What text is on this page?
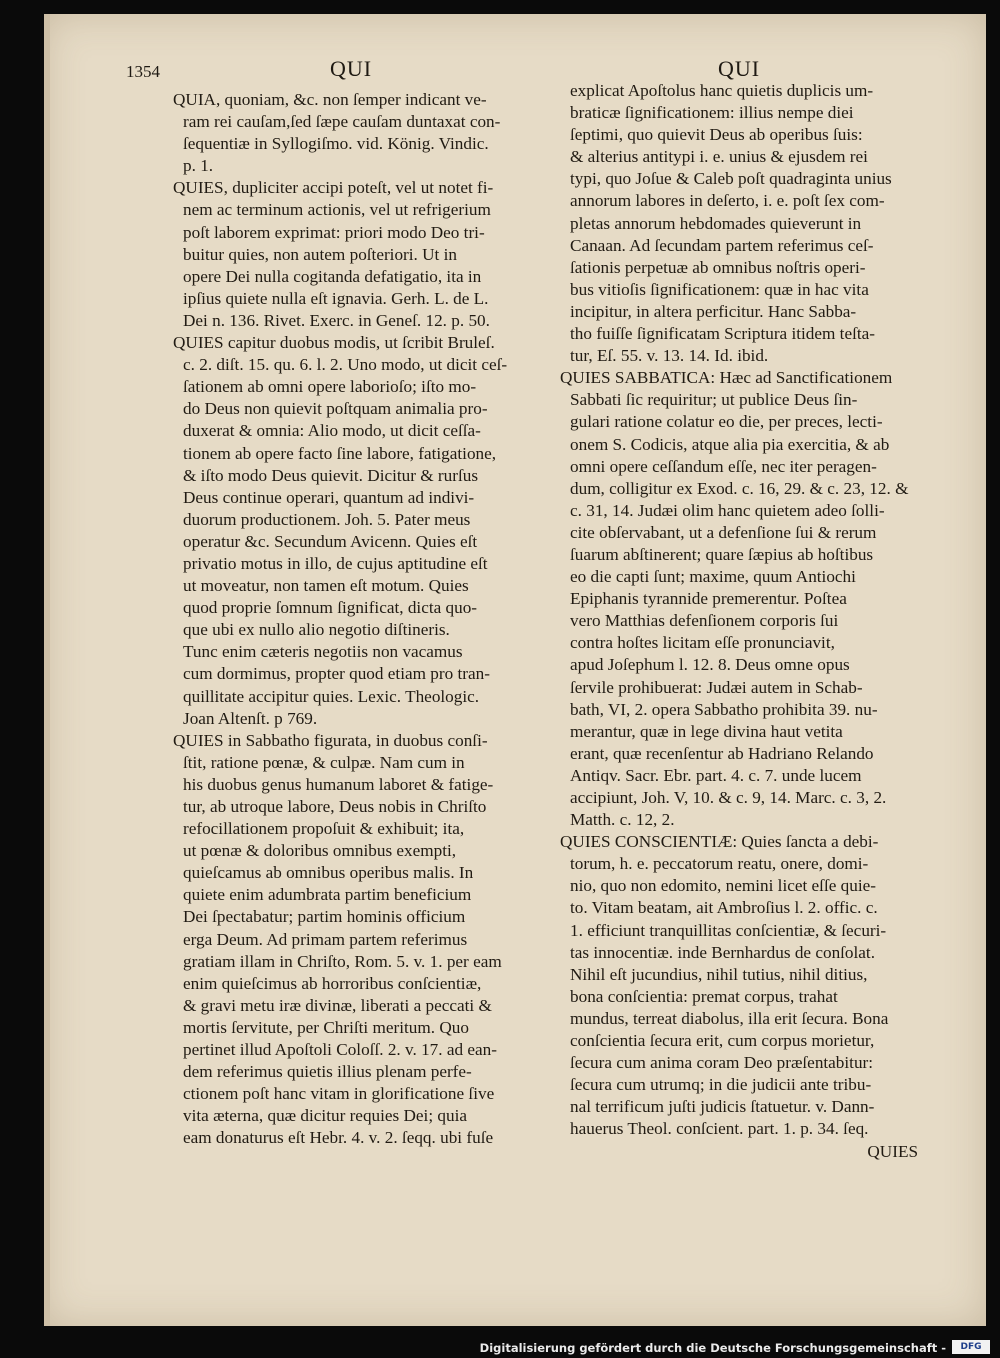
1354	QUI	QUI
QUIA, quoniam, &c. non ſemper indicant ve-
ram rei cauſam,ſed ſæpe cauſam duntaxat con-
ſequentiæ in Syllogiſmo. vid. König. Vindic.
p. 1.
QUIES, dupliciter accipi poteſt, vel ut notet fi-
nem ac terminum actionis, vel ut refrigerium
poſt laborem exprimat: priori modo Deo tri-
buitur quies, non autem poſteriori. Ut in
opere Dei nulla cogitanda defatigatio, ita in
ipſius quiete nulla eſt ignavia. Gerh. L. de L.
Dei n. 136. Rivet. Exerc. in Geneſ. 12. p. 50.
QUIES capitur duobus modis, ut ſcribit Bruleſ.
c. 2. diſt. 15. qu. 6. l. 2. Uno modo, ut dicit ceſ-
ſationem ab omni opere laborioſo; iſto mo-
do Deus non quievit poſtquam animalia pro-
duxerat & omnia: Alio modo, ut dicit ceſſa-
tionem ab opere facto ſine labore, fatigatione,
& iſto modo Deus quievit. Dicitur & rurſus
Deus continue operari, quantum ad indivi-
duorum productionem. Joh. 5. Pater meus
operatur &c. Secundum Avicenn. Quies eſt
privatio motus in illo, de cujus aptitudine eſt
ut moveatur, non tamen eſt motum. Quies
quod proprie ſomnum ſignificat, dicta quo-
que ubi ex nullo alio negotio diſtineris.
Tunc enim cæteris negotiis non vacamus
cum dormimus, propter quod etiam pro tran-
quillitate accipitur quies. Lexic. Theologic.
Joan Altenſt. p 769.
QUIES in Sabbatho figurata, in duobus conſi-
ſtit, ratione pœnæ, & culpæ. Nam cum in
his duobus genus humanum laboret & fatige-
tur, ab utroque labore, Deus nobis in Chriſto
refocillationem propoſuit & exhibuit; ita,
ut pœnæ & doloribus omnibus exempti,
quieſcamus ab omnibus operibus malis. In
quiete enim adumbrata partim beneficium
Dei ſpectabatur; partim hominis officium
erga Deum. Ad primam partem referimus
gratiam illam in Chriſto, Rom. 5. v. 1. per eam
enim quieſcimus ab horroribus conſcientiæ,
& gravi metu iræ divinæ, liberati a peccati &
mortis ſervitute, per Chriſti meritum. Quo
pertinet illud Apoſtoli Coloſſ. 2. v. 17. ad ean-
dem referimus quietis illius plenam perfe-
ctionem poſt hanc vitam in glorificatione ſive
vita æterna, quæ dicitur requies Dei; quia
eam donaturus eſt Hebr. 4. v. 2. ſeqq. ubi fuſe
explicat Apoſtolus hanc quietis duplicis um-
braticæ ſignificationem: illius nempe diei
ſeptimi, quo quievit Deus ab operibus ſuis:
& alterius antitypi i. e. unius & ejusdem rei
typi, quo Joſue & Caleb poſt quadraginta unius
annorum labores in deſerto, i. e. poſt ſex com-
pletas annorum hebdomades quieverunt in
Canaan. Ad ſecundam partem referimus ceſ-
ſationis perpetuæ ab omnibus noſtris operi-
bus vitioſis ſignificationem: quæ in hac vita
incipitur, in altera perficitur. Hanc Sabba-
tho fuiſſe ſignificatam Scriptura itidem teſta-
tur, Eſ. 55. v. 13. 14. Id. ibid.
QUIES SABBATICA: Hæc ad Sanctificationem
Sabbati ſic requiritur; ut publice Deus ſin-
gulari ratione colatur eo die, per preces, lecti-
onem S. Codicis, atque alia pia exercitia, & ab
omni opere ceſſandum eſſe, nec iter peragen-
dum, colligitur ex Exod. c. 16, 29. & c. 23, 12. &
c. 31, 14. Judæi olim hanc quietem adeo ſolli-
cite obſervabant, ut a defenſione ſui & rerum
ſuarum abſtinerent; quare ſæpius ab hoſtibus
eo die capti ſunt; maxime, quum Antiochi
Epiphanis tyrannide premerentur. Poſtea
vero Matthias defenſionem corporis ſui
contra hoſtes licitam eſſe pronunciavit,
apud Joſephum l. 12. 8. Deus omne opus
ſervile prohibuerat: Judæi autem in Schab-
bath, VI, 2. opera Sabbatho prohibita 39. nu-
merantur, quæ in lege divina haut vetita
erant, quæ recenſentur ab Hadriano Relando
Antiqv. Sacr. Ebr. part. 4. c. 7. unde lucem
accipiunt, Joh. V, 10. & c. 9, 14. Marc. c. 3, 2.
Matth. c. 12, 2.
QUIES CONSCIENTIÆ: Quies ſancta a debi-
torum, h. e. peccatorum reatu, onere, domi-
nio, quo non edomito, nemini licet eſſe quie-
to. Vitam beatam, ait Ambroſius l. 2. offic. c.
1. efficiunt tranquillitas conſcientiæ, & ſecuri-
tas innocentiæ. inde Bernhardus de conſolat.
Nihil eſt jucundius, nihil tutius, nihil ditius,
bona conſcientia: premat corpus, trahat
mundus, terreat diabolus, illa erit ſecura. Bona
conſcientia ſecura erit, cum corpus morietur,
ſecura cum anima coram Deo præſentabitur:
ſecura cum utrumq; in die judicii ante tribu-
nal terrificum juſti judicis ſtatuetur. v. Dann-
hauerus Theol. conſcient. part. 1. p. 34. ſeq.
QUIES
Digitalisierung gefördert durch die Deutsche Forschungsgemeinschaft -	DFG
